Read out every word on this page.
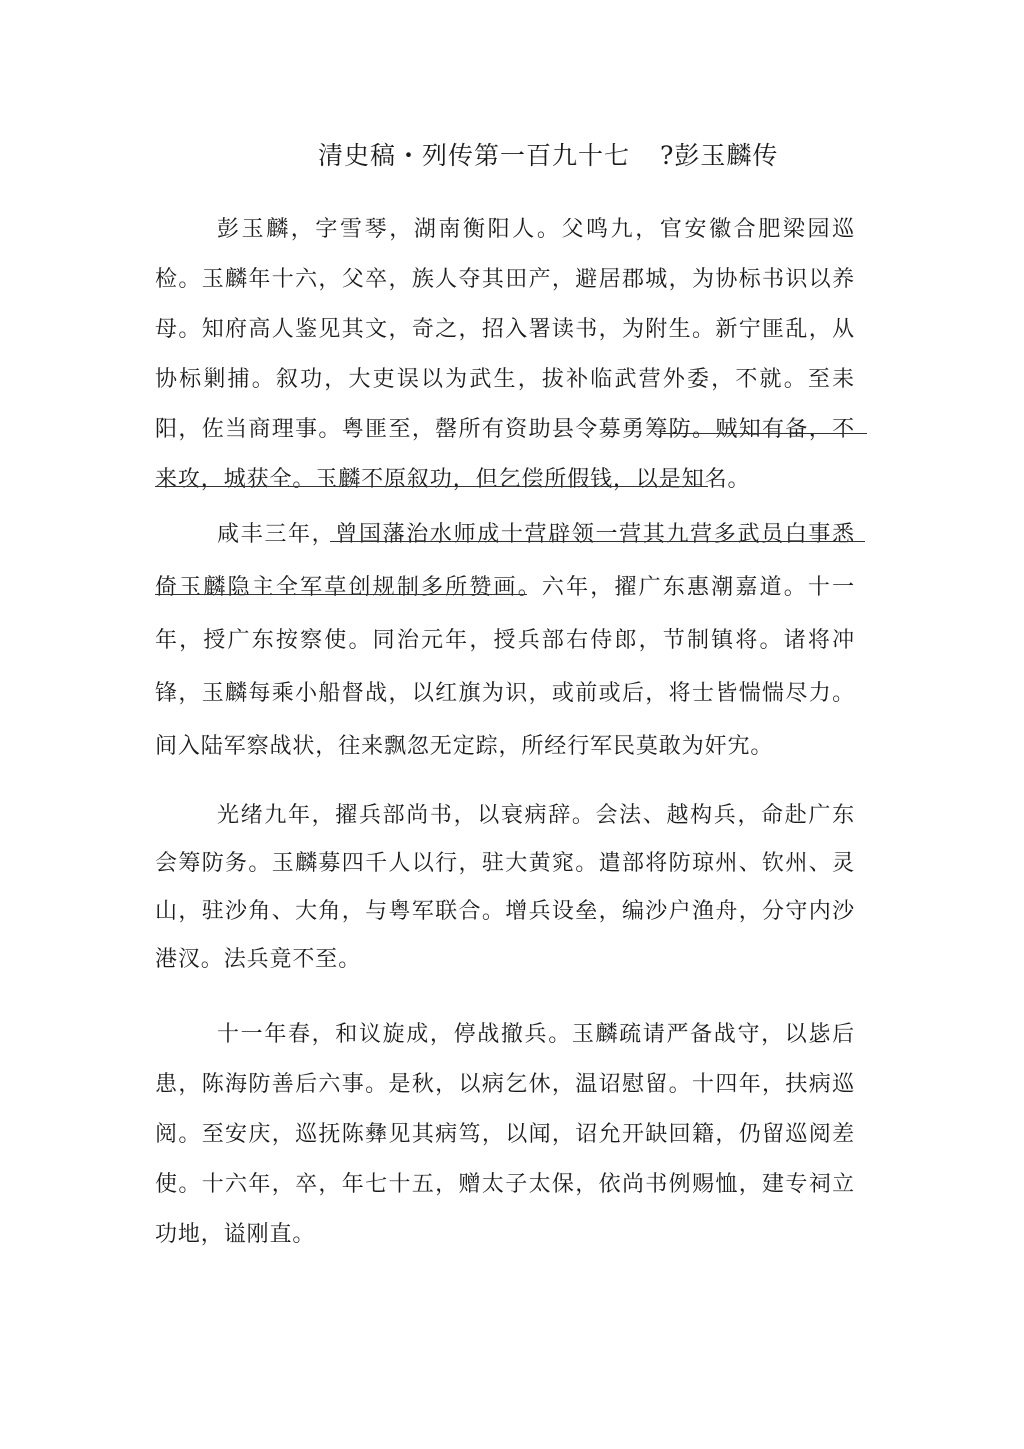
清史稿・列传第一百九十七 ?彭玉麟传

彭玉麟，字雪琴，湖南衡阳人。父鸣九，官安徽合肥梁园巡检。玉麟年十六，父卒，族人夺其田产，避居郡城，为协标书识以养母。知府高人鉴见其文，奇之，招入署读书，为附生。新宁匪乱，从协标剿捕。叙功，大吏误以为武生，拔补临武营外委，不就。至耒阳，佐当商理事。粤匪至，罄所有资助县令募勇筹防。贼知有备，不来攻，城获全。玉麟不原叙功，但乞偿所假钱，以是知名。

咸丰三年，曾国藩治水师成十营辟领一营其九营多武员白事悉倚玉麟隐主全军草创规制多所赞画。六年，擢广东惠潮嘉道。十一年，授广东按察使。同治元年，授兵部右侍郎，节制镇将。诸将冲锋，玉麟每乘小船督战，以红旗为识，或前或后，将士皆惴惴尽力。间入陆军察战状，往来飘忽无定踪，所经行军民莫敢为奸宄。

光绪九年，擢兵部尚书，以衰病辞。会法、越构兵，命赴广东会筹防务。玉麟募四千人以行，驻大黄窕。遣部将防琼州、钦州、灵山，驻沙角、大角，与粤军联合。增兵设垒，编沙户渔舟，分守内沙港汊。法兵竟不至。

十一年春，和议旋成，停战撤兵。玉麟疏请严备战守，以毖后患，陈海防善后六事。是秋，以病乞休，温诏慰留。十四年，扶病巡阅。至安庆，巡抚陈彝见其病笃，以闻，诏允开缺回籍，仍留巡阅差使。十六年，卒，年七十五，赠太子太保，依尚书例赐恤，建专祠立功地，谥刚直。
